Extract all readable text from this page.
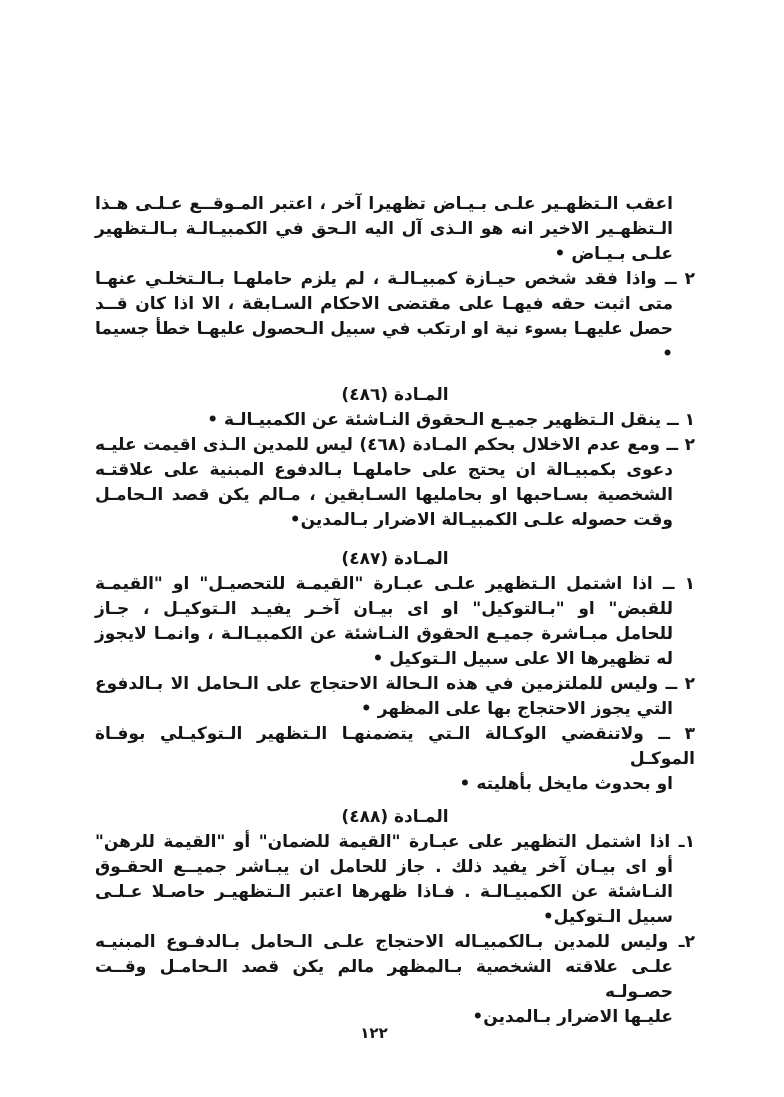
اعقب الـتظهـير علـى بـيـاض تظهيرا آخر ، اعتبر المـوقــع عـلـى هـذا

الـتظهـير الاخير انه هو الـذى آل اليه الـحق في الكمبيـالـة بـالـتظهير

علـى بـيـاض •

٢ ــ واذا فقد شخص حيـازة كمبيـالـة ، لم يلزم حاملهـا بـالـتخلـي عنهـا

متى اثبت حقه فيهـا على مقتضى الاحكام السـابقة ، الا اذا كان قــد

حصل عليهـا بسوء نية او ارتكب في سبيل الـحصول عليهـا خطأ جسيما •

المـادة (٤٨٦)

١ ــ ينقل الـتظهير جميـع الـحقوق النـاشئة عن الكمبيـالـة •

٢ ــ ومع عدم الاخلال بحكم المـادة (٤٦٨) ليس للمدين الـذى اقيمت عليـه

دعوى بكمبيـالة ان يحتج على حاملهـا بـالدفوع المبنية على علاقتـه

الشخصية بسـاحبها او بحامليها السـابقين ، مـالم يكن قصد الـحامـل

وقت حصوله علـى الكمبيـالة الاضرار بـالمدين•

المـادة (٤٨٧)

١ ــ اذا اشتمل الـتظهير علـى عبـارة "القيمـة للتحصيـل" او "القيمـة

للقبض" او "بـالتوكيل" او اى بيـان آخـر يفيـد الـتوكيـل ، جـاز

للحامل مبـاشرة جميـع الحقوق النـاشئة عن الكمبيـالـة ، وانمـا لايجوز

له تظهيرها الا على سبيل الـتوكيل •

٢ ــ وليس للملتزمين في هذه الـحالة الاحتجاج على الـحامل الا بـالدفوع

التي يجوز الاحتجاج بها على المظهر •

٣ ــ ولاتنقضي الوكـالة الـتي يتضمنهـا الـتظهير الـتوكيـلي بوفـاة الموكـل

او بحدوث مايخل بأهليته •

المـادة (٤٨٨)

١ـ اذا اشتمل التظهير على عبـارة "القيمة للضمان" أو "القيمة للرهن"

أو اى بيـان آخر يفيد ذلك . جاز للحامل ان يبـاشر جميــع الحقـوق

النـاشئة عن الكمبيـالـة . فـاذا ظهرها اعتبر الـتظهيـر حاصـلا عـلـى

سبيل الـتوكيل•

٢ـ وليس للمدين بـالكمبيـاله الاحتجاج علـى الـحامل بـالدفـوع المبنيـه

علـى علاقته الشخصية بـالمظهر مالم يكن قصد الـحامـل وقــت حصـولـه

عليـها الاضرار بـالمدين•

١٢٢
